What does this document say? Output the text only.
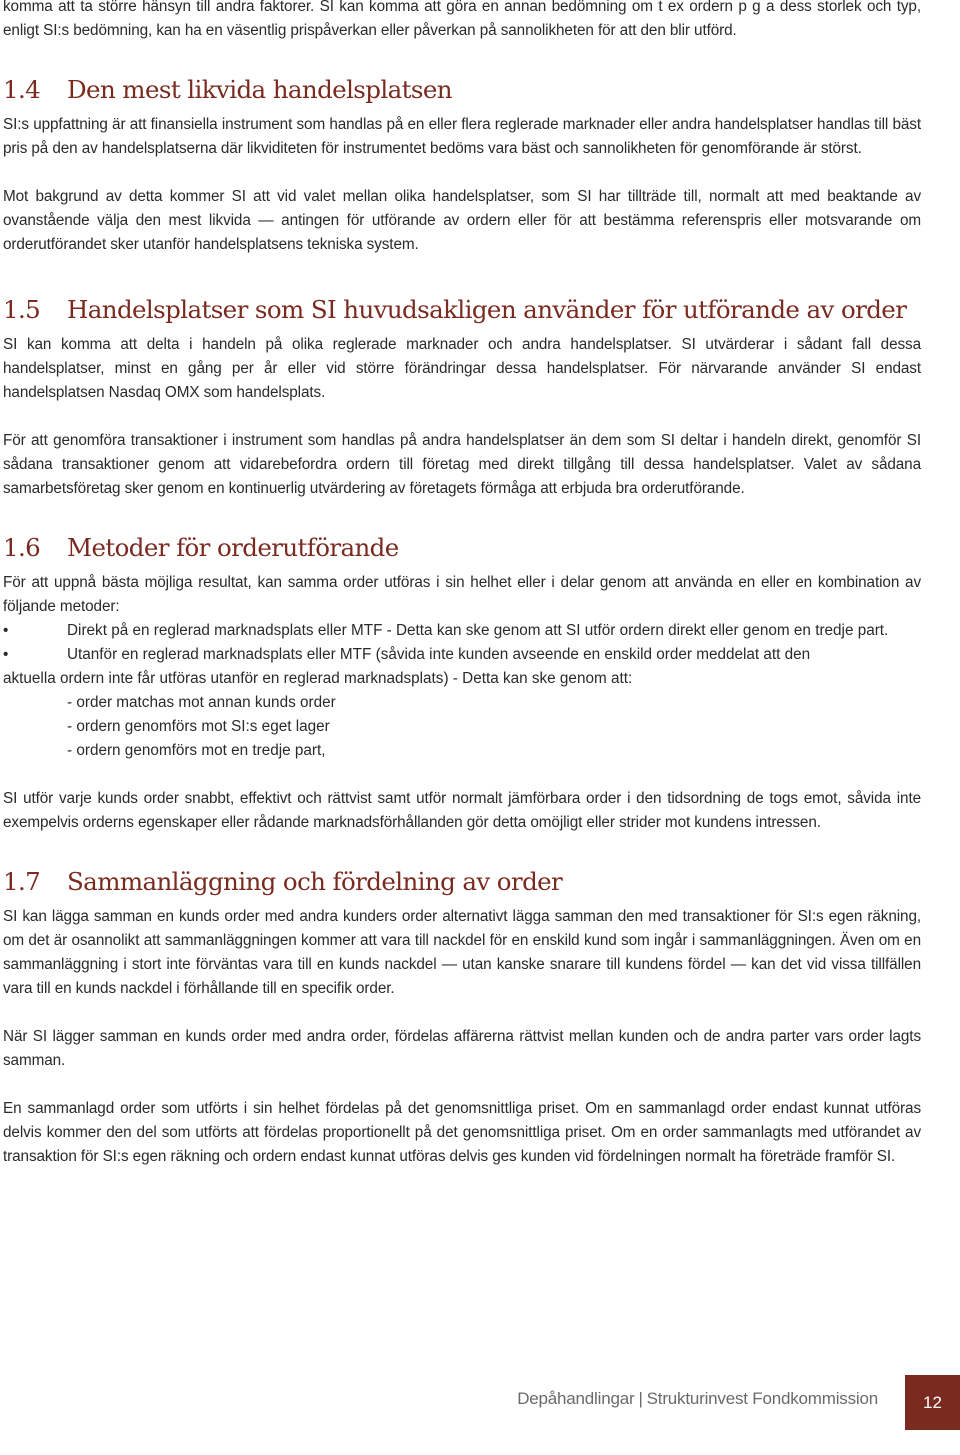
komma att ta större hänsyn till andra faktorer. SI kan komma att göra en annan bedömning om t ex ordern p g a dess storlek och typ, enligt SI:s bedömning, kan ha en väsentlig prispåverkan eller påverkan på sannolikheten för att den blir utförd.

1.4	Den mest likvida handelsplatsen

SI:s uppfattning är att finansiella instrument som handlas på en eller flera reglerade marknader eller andra handelsplatser handlas till bäst pris på den av handelsplatserna där likviditeten för instrumentet bedöms vara bäst och sannolikheten för genomförande är störst.

Mot bakgrund av detta kommer SI att vid valet mellan olika handelsplatser, som SI har tillträde till, normalt att med beaktande av ovanstående välja den mest likvida — antingen för utförande av ordern eller för att bestämma referenspris eller motsvarande om orderutförandet sker utanför handelsplatsens tekniska system.

1.5	Handelsplatser som SI huvudsakligen använder för utförande av order

SI kan komma att delta i handeln på olika reglerade marknader och andra handelsplatser. SI utvärderar i sådant fall dessa handelsplatser, minst en gång per år eller vid större förändringar dessa handelsplatser. För närvarande använder SI endast handelsplatsen Nasdaq OMX som handelsplats.

För att genomföra transaktioner i instrument som handlas på andra handelsplatser än dem som SI deltar i handeln direkt, genomför SI sådana transaktioner genom att vidarebefordra ordern till företag med direkt tillgång till dessa handelsplatser. Valet av sådana samarbetsföretag sker genom en kontinuerlig utvärdering av företagets förmåga att erbjuda bra orderutförande.

1.6	Metoder för orderutförande

För att uppnå bästa möjliga resultat, kan samma order utföras i sin helhet eller i delar genom att använda en eller en kombination av följande metoder:

•	Direkt på en reglerad marknadsplats eller MTF - Detta kan ske genom att SI utför ordern direkt eller genom en tredje part.
•	Utanför en reglerad marknadsplats eller MTF (såvida inte kunden avseende en enskild order meddelat att den
aktuella ordern inte får utföras utanför en reglerad marknadsplats) - Detta kan ske genom att:
- order matchas mot annan kunds order
- ordern genomförs mot SI:s eget lager
- ordern genomförs mot en tredje part,

SI utför varje kunds order snabbt, effektivt och rättvist samt utför normalt jämförbara order i den tidsordning de togs emot, såvida inte exempelvis orderns egenskaper eller rådande marknadsförhållanden gör detta omöjligt eller strider mot kundens intressen.

1.7	Sammanläggning och fördelning av order

SI kan lägga samman en kunds order med andra kunders order alternativt lägga samman den med transaktioner för SI:s egen räkning, om det är osannolikt att sammanläggningen kommer att vara till nackdel för en enskild kund som ingår i sammanläggningen. Även om en sammanläggning i stort inte förväntas vara till en kunds nackdel — utan kanske snarare till kundens fördel — kan det vid vissa tillfällen vara till en kunds nackdel i förhållande till en specifik order.

När SI lägger samman en kunds order med andra order, fördelas affärerna rättvist mellan kunden och de andra parter vars order lagts samman.

En sammanlagd order som utförts i sin helhet fördelas på det genomsnittliga priset. Om en sammanlagd order endast kunnat utföras delvis kommer den del som utförts att fördelas proportionellt på det genomsnittliga priset. Om en order sammanlagts med utförandet av transaktion för SI:s egen räkning och ordern endast kunnat utföras delvis ges kunden vid fördelningen normalt ha företräde framför SI.

Depåhandlingar | Strukturinvest Fondkommission	12
